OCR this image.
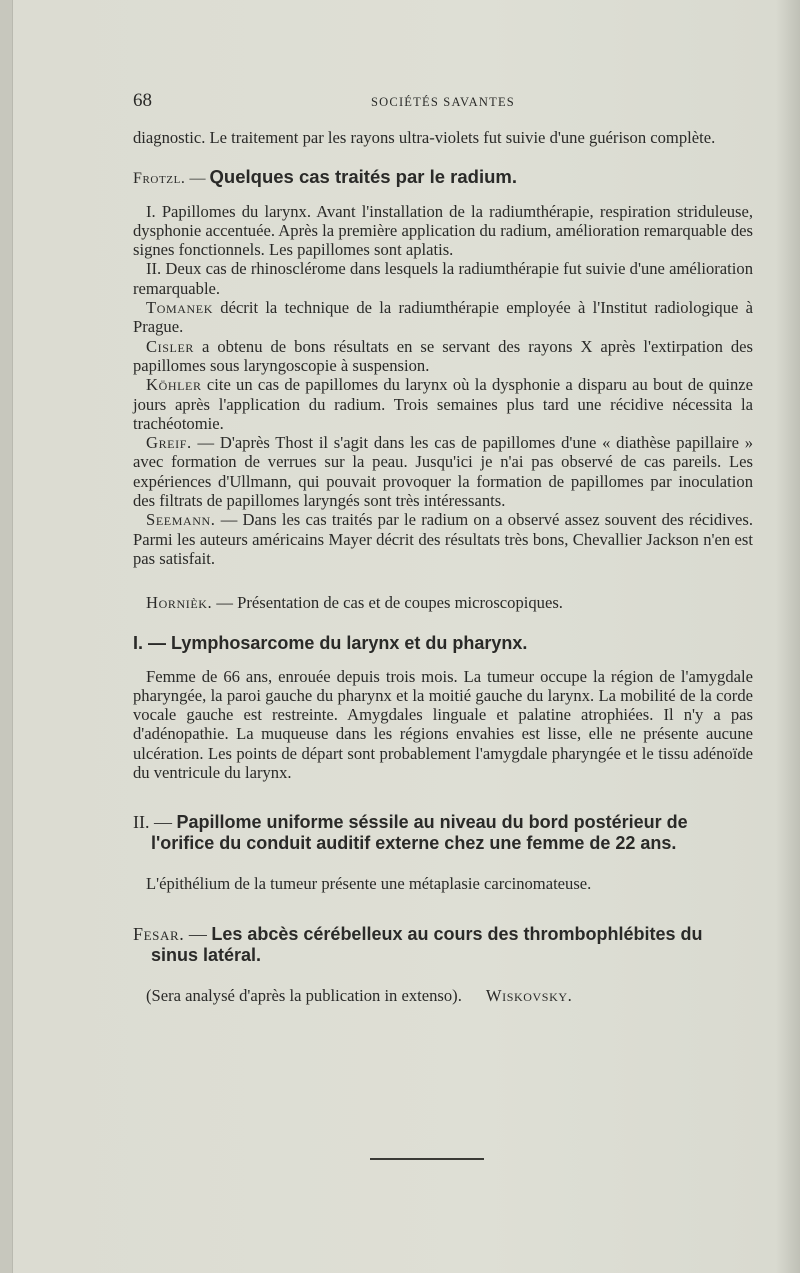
68	SOCIÉTÉS SAVANTES

diagnostic. Le traitement par les rayons ultra-violets fut suivie d'une guérison complète.

Frotzl. — Quelques cas traités par le radium.

I. Papillomes du larynx. Avant l'installation de la radiumthérapie, respiration striduleuse, dysphonie accentuée. Après la première application du radium, amélioration remarquable des signes fonctionnels. Les papillomes sont aplatis.

II. Deux cas de rhinosclérome dans lesquels la radiumthérapie fut suivie d'une amélioration remarquable.

Tomanek décrit la technique de la radiumthérapie employée à l'Institut radiologique à Prague.

Cisler a obtenu de bons résultats en se servant des rayons X après l'extirpation des papillomes sous laryngoscopie à suspension.

Köhler cite un cas de papillomes du larynx où la dysphonie a disparu au bout de quinze jours après l'application du radium. Trois semaines plus tard une récidive nécessita la trachéotomie.

Greif. — D'après Thost il s'agit dans les cas de papillomes d'une « diathèse papillaire » avec formation de verrues sur la peau. Jusqu'ici je n'ai pas observé de cas pareils. Les expériences d'Ullmann, qui pouvait provoquer la formation de papillomes par inoculation des filtrats de papillomes laryngés sont très intéressants.

Seemann. — Dans les cas traités par le radium on a observé assez souvent des récidives. Parmi les auteurs américains Mayer décrit des résultats très bons, Chevallier Jackson n'en est pas satisfait.

Hornièk. — Présentation de cas et de coupes microscopiques.

I. — Lymphosarcome du larynx et du pharynx.

Femme de 66 ans, enrouée depuis trois mois. La tumeur occupe la région de l'amygdale pharyngée, la paroi gauche du pharynx et la moitié gauche du larynx. La mobilité de la corde vocale gauche est restreinte. Amygdales linguale et palatine atrophiées. Il n'y a pas d'adénopathie. La muqueuse dans les régions envahies est lisse, elle ne présente aucune ulcération. Les points de départ sont probablement l'amygdale pharyngée et le tissu adénoïde du ventricule du larynx.

II. — Papillome uniforme séssile au niveau du bord postérieur de l'orifice du conduit auditif externe chez une femme de 22 ans.

L'épithélium de la tumeur présente une métaplasie carcinomateuse.

Fesar. — Les abcès cérébelleux au cours des thrombophlébites du sinus latéral.

(Sera analysé d'après la publication in extenso). Wiskovsky.
